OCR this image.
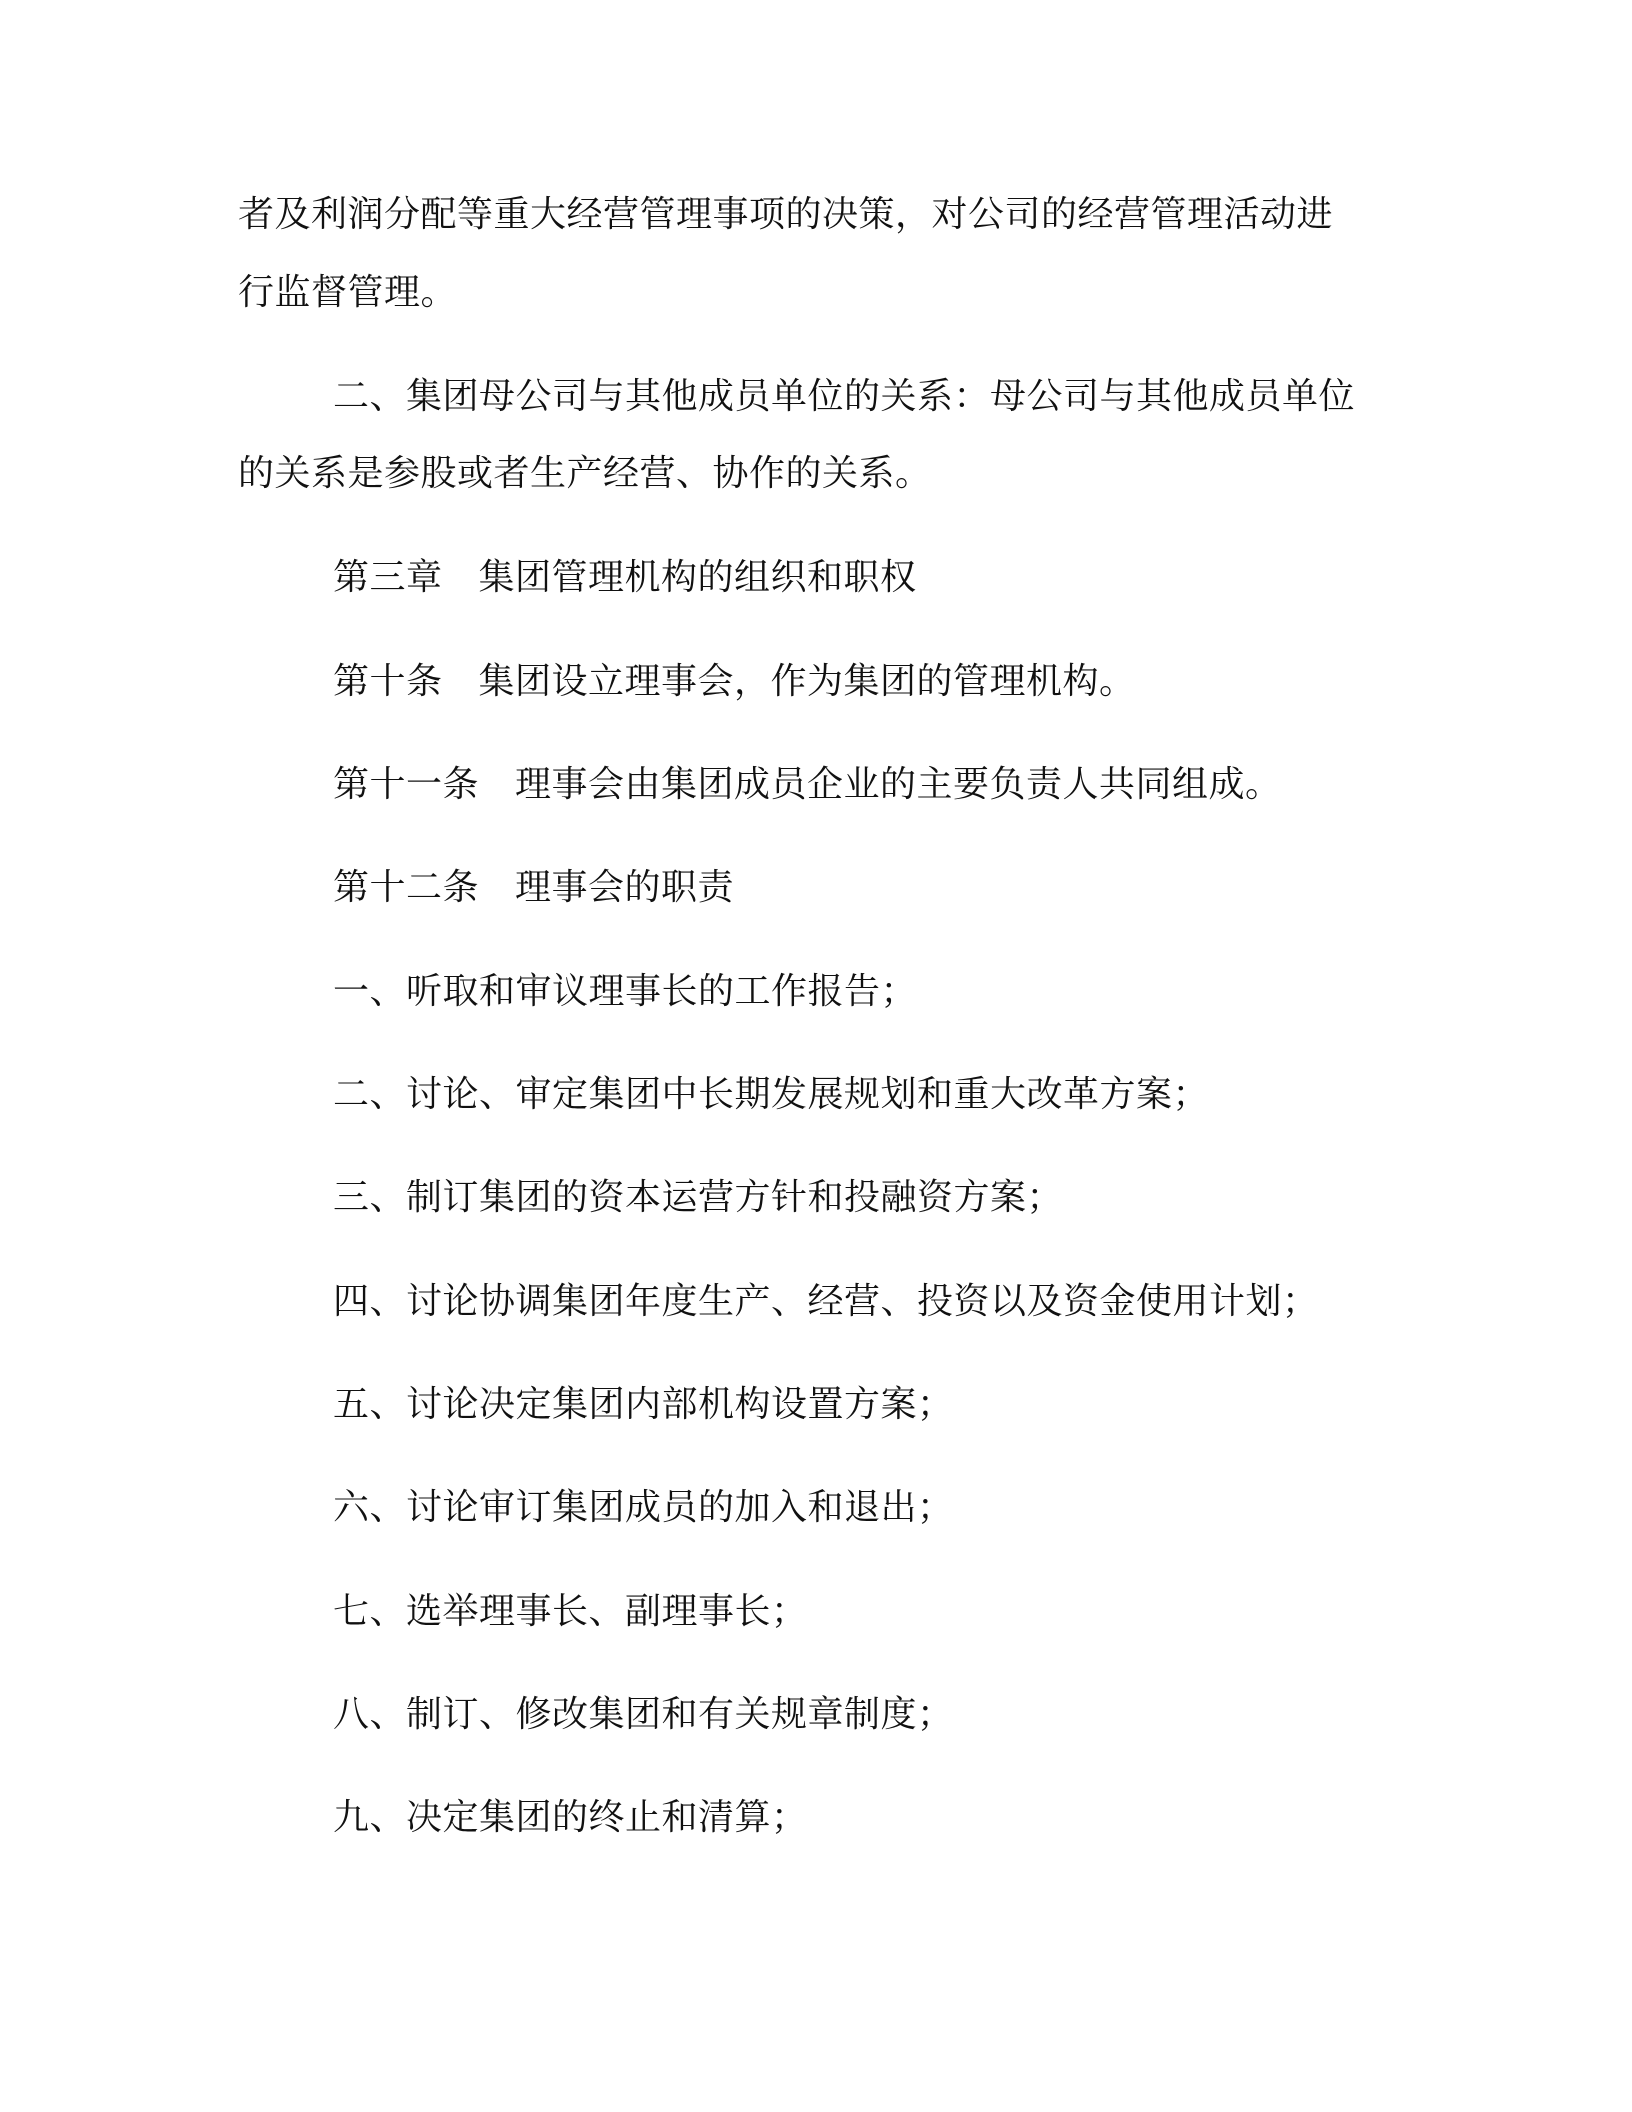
者及利润分配等重大经营管理事项的决策，对公司的经营管理活动进
行监督管理。
二、集团母公司与其他成员单位的关系：母公司与其他成员单位
的关系是参股或者生产经营、协作的关系。
第三章 集团管理机构的组织和职权
第十条 集团设立理事会，作为集团的管理机构。
第十一条 理事会由集团成员企业的主要负责人共同组成。
第十二条 理事会的职责
一、听取和审议理事长的工作报告；
二、讨论、审定集团中长期发展规划和重大改革方案；
三、制订集团的资本运营方针和投融资方案；
四、讨论协调集团年度生产、经营、投资以及资金使用计划；
五、讨论决定集团内部机构设置方案；
六、讨论审订集团成员的加入和退出；
七、选举理事长、副理事长；
八、制订、修改集团和有关规章制度；
九、决定集团的终止和清算；
